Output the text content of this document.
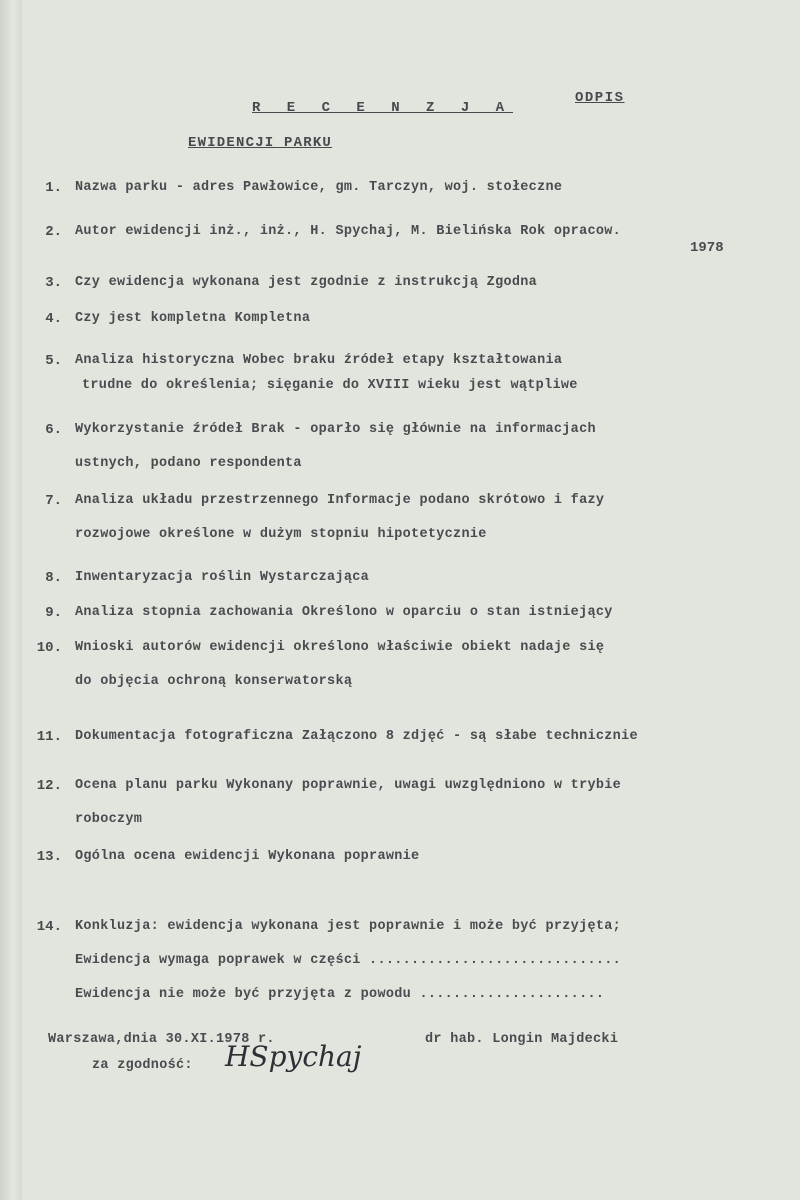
R E C E N Z J A
ODPIS
EWIDENCJI PARKU
1. Nazwa parku - adres Pawłowice, gm. Tarczyn, woj. stołeczne
2. Autor ewidencji inż., inż., H. Spychaj, M. Bielińska Rok opracow.
1978
3. Czy ewidencja wykonana jest zgodnie z instrukcją Zgodna
4. Czy jest kompletna Kompletna
5. Analiza historyczna Wobec braku źródeł etapy kształtowania
trudne do określenia; sięganie do XVIII wieku jest wątpliwe
6. Wykorzystanie źródeł Brak - oparło się głównie na informacjach
ustnych, podano respondenta
7. Analiza układu przestrzennego Informacje podano skrótowo i fazy
rozwojowe określone w dużym stopniu hipotetycznie
8. Inwentaryzacja roślin Wystarczająca
9. Analiza stopnia zachowania Określono w oparciu o stan istniejący
10. Wnioski autorów ewidencji określono właściwie obiekt nadaje się
do objęcia ochroną konserwatorską
11. Dokumentacja fotograficzna Załączono 8 zdjęć - są słabe technicznie
12. Ocena planu parku Wykonany poprawnie, uwagi uwzględniono w trybie
roboczym
13. Ogólna ocena ewidencji Wykonana poprawnie
14. Konkluzja: ewidencja wykonana jest poprawnie i może być przyjęta;
Ewidencja wymaga poprawek w części ..............................
Ewidencja nie może być przyjęta z powodu ......................
Warszawa,dnia 30.XI.1978 r.	dr hab. Longin Majdecki
za zgodność: HSpychaj
